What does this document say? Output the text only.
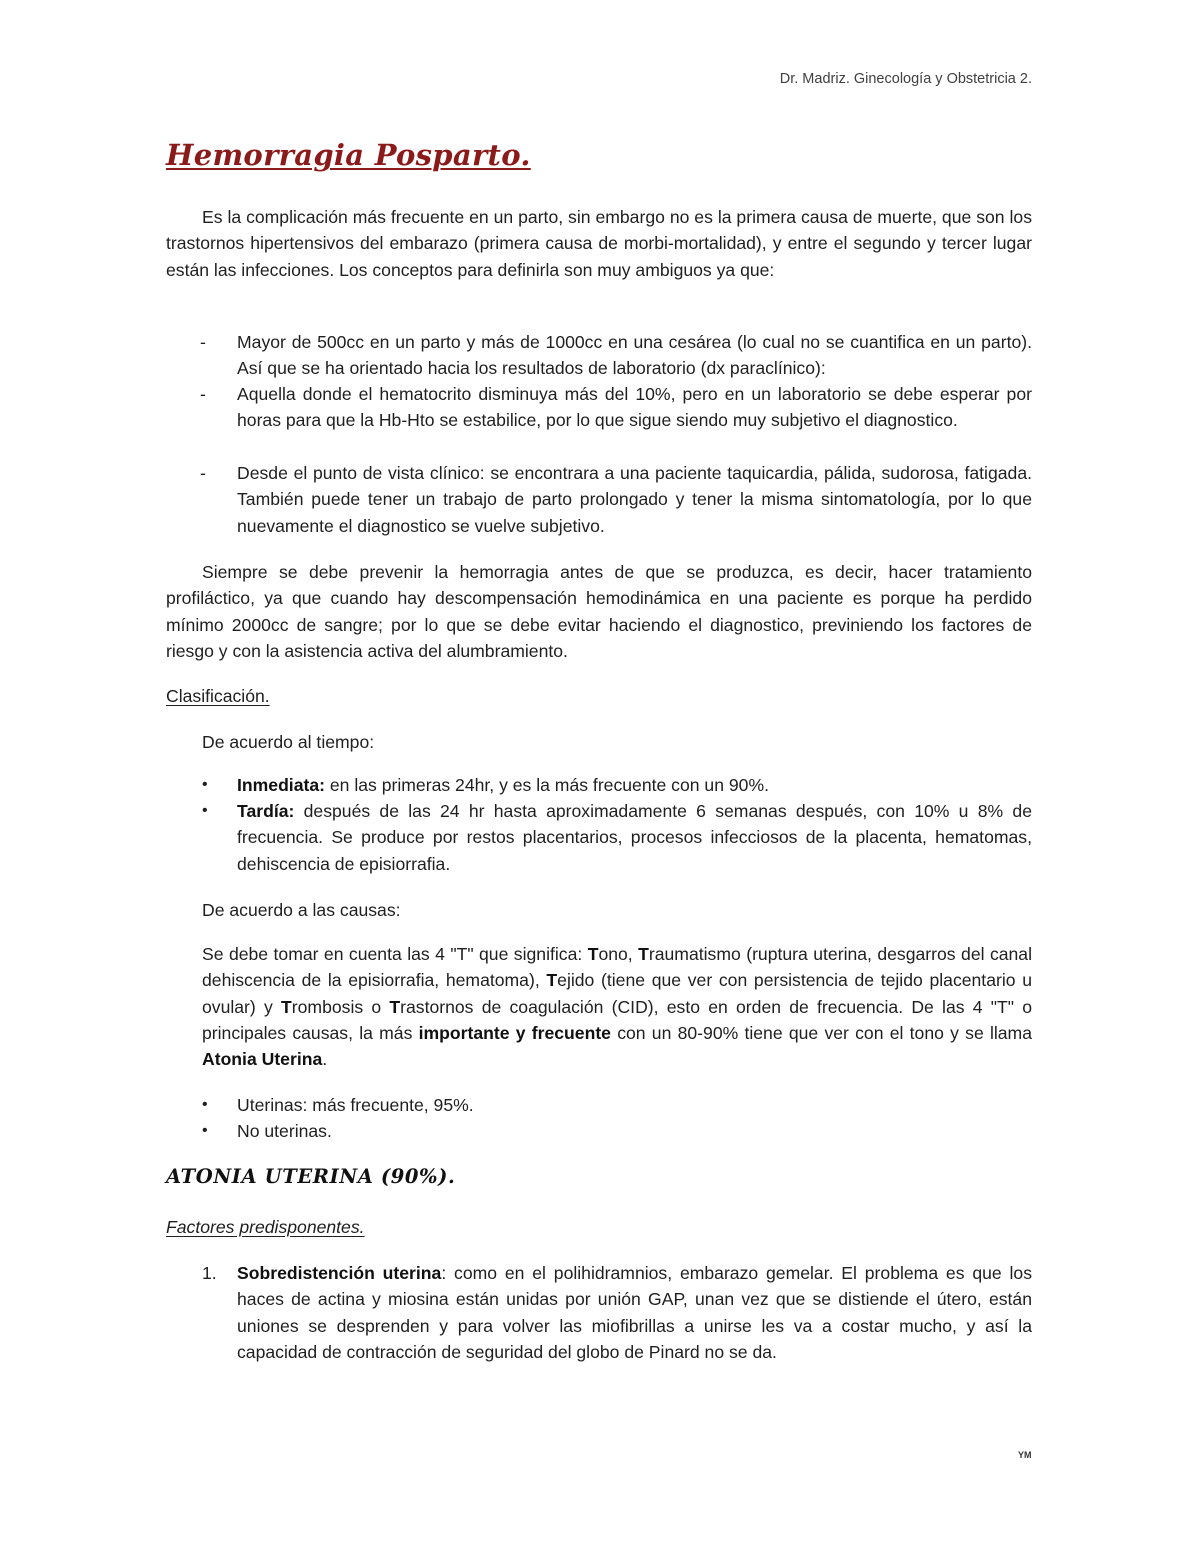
Dr. Madriz. Ginecología y Obstetricia 2.
Hemorragia Posparto.

Es la complicación más frecuente en un parto, sin embargo no es la primera causa de muerte, que son los trastornos hipertensivos del embarazo (primera causa de morbi-mortalidad), y entre el segundo y tercer lugar están las infecciones. Los conceptos para definirla son muy ambiguos ya que:

- Mayor de 500cc en un parto y más de 1000cc en una cesárea (lo cual no se cuantifica en un parto). Así que se ha orientado hacia los resultados de laboratorio (dx paraclínico):
- Aquella donde el hematocrito disminuya más del 10%, pero en un laboratorio se debe esperar por horas para que la Hb-Hto se estabilice, por lo que sigue siendo muy subjetivo el diagnostico.
- Desde el punto de vista clínico: se encontrara a una paciente taquicardia, pálida, sudorosa, fatigada. También puede tener un trabajo de parto prolongado y tener la misma sintomatología, por lo que nuevamente el diagnostico se vuelve subjetivo.

Siempre se debe prevenir la hemorragia antes de que se produzca, es decir, hacer tratamiento profiláctico, ya que cuando hay descompensación hemodinámica en una paciente es porque ha perdido mínimo 2000cc de sangre; por lo que se debe evitar haciendo el diagnostico, previniendo los factores de riesgo y con la asistencia activa del alumbramiento.

Clasificación.
De acuerdo al tiempo:
• Inmediata: en las primeras 24hr, y es la más frecuente con un 90%.
• Tardía: después de las 24 hr hasta aproximadamente 6 semanas después, con 10% u 8% de frecuencia. Se produce por restos placentarios, procesos infecciosos de la placenta, hematomas, dehiscencia de episiorrafia.
De acuerdo a las causas:

Se debe tomar en cuenta las 4 "T" que significa: Tono, Traumatismo (ruptura uterina, desgarros del canal dehiscencia de la episiorrafia, hematoma), Tejido (tiene que ver con persistencia de tejido placentario u ovular) y Trombosis o Trastornos de coagulación (CID), esto en orden de frecuencia. De las 4 "T" o principales causas, la más importante y frecuente con un 80-90% tiene que ver con el tono y se llama Atonia Uterina.

• Uterinas: más frecuente, 95%.
• No uterinas.
ATONIA UTERINA (90%).
Factores predisponentes.
1. Sobredistención uterina: como en el polihidramnios, embarazo gemelar. El problema es que los haces de actina y miosina están unidas por unión GAP, unan vez que se distiende el útero, están uniones se desprenden y para volver las miofibrillas a unirse les va a costar mucho, y así la capacidad de contracción de seguridad del globo de Pinard no se da.
YM
